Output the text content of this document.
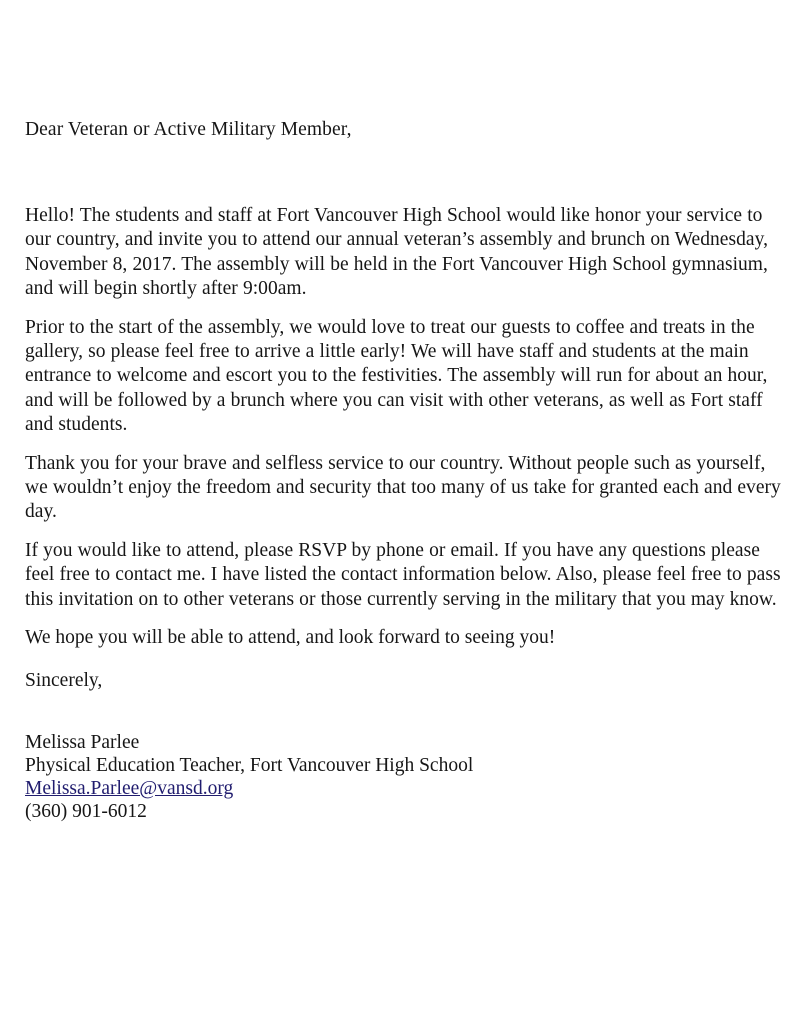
Dear Veteran or Active Military Member,

Hello! The students and staff at Fort Vancouver High School would like honor your service to our country, and invite you to attend our annual veteran’s assembly and brunch on Wednesday, November 8, 2017. The assembly will be held in the Fort Vancouver High School gymnasium, and will begin shortly after 9:00am.

Prior to the start of the assembly, we would love to treat our guests to coffee and treats in the gallery, so please feel free to arrive a little early! We will have staff and students at the main entrance to welcome and escort you to the festivities. The assembly will run for about an hour, and will be followed by a brunch where you can visit with other veterans, as well as Fort staff and students.

Thank you for your brave and selfless service to our country. Without people such as yourself, we wouldn’t enjoy the freedom and security that too many of us take for granted each and every day.

If you would like to attend, please RSVP by phone or email. If you have any questions please feel free to contact me. I have listed the contact information below. Also, please feel free to pass this invitation on to other veterans or those currently serving in the military that you may know.

We hope you will be able to attend, and look forward to seeing you!

Sincerely,

Melissa Parlee
Physical Education Teacher, Fort Vancouver High School
Melissa.Parlee@vansd.org
(360) 901-6012
